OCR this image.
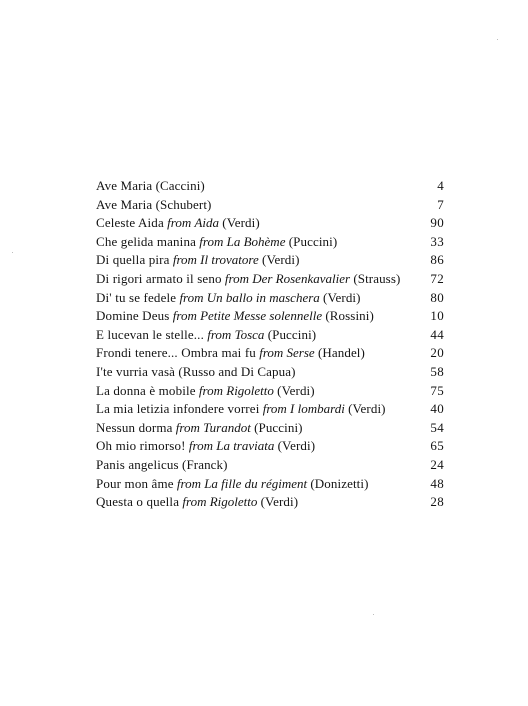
Ave Maria (Caccini)	4
Ave Maria (Schubert)	7
Celeste Aida from Aida (Verdi)	90
Che gelida manina from La Bohème (Puccini)	33
Di quella pira from Il trovatore (Verdi)	86
Di rigori armato il seno from Der Rosenkavalier (Strauss)	72
Di' tu se fedele from Un ballo in maschera (Verdi)	80
Domine Deus from Petite Messe solennelle (Rossini)	10
E lucevan le stelle... from Tosca (Puccini)	44
Frondi tenere... Ombra mai fu from Serse (Handel)	20
I'te vurria vasà (Russo and Di Capua)	58
La donna è mobile from Rigoletto (Verdi)	75
La mia letizia infondere vorrei from I lombardi (Verdi)	40
Nessun dorma from Turandot (Puccini)	54
Oh mio rimorso! from La traviata (Verdi)	65
Panis angelicus (Franck)	24
Pour mon âme from La fille du régiment (Donizetti)	48
Questa o quella from Rigoletto (Verdi)	28
